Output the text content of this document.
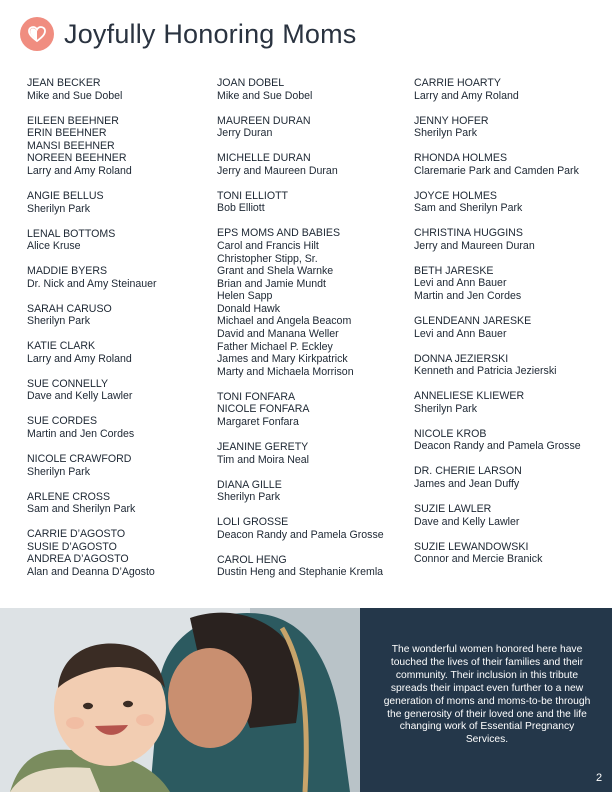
Joyfully Honoring Moms
JEAN BECKER
Mike and Sue Dobel
EILEEN BEEHNER
ERIN BEEHNER
MANSI BEEHNER
NOREEN BEEHNER
Larry and Amy Roland
ANGIE BELLUS
Sherilyn Park
LENAL BOTTOMS
Alice Kruse
MADDIE BYERS
Dr. Nick and Amy Steinauer
SARAH CARUSO
Sherilyn Park
KATIE CLARK
Larry and Amy Roland
SUE CONNELLY
Dave and Kelly Lawler
SUE CORDES
Martin and Jen Cordes
NICOLE CRAWFORD
Sherilyn Park
ARLENE CROSS
Sam and Sherilyn Park
CARRIE D’AGOSTO
SUSIE D’AGOSTO
ANDREA D’AGOSTO
Alan and Deanna D’Agosto
JOAN DOBEL
Mike and Sue Dobel
MAUREEN DURAN
Jerry Duran
MICHELLE DURAN
Jerry and Maureen Duran
TONI ELLIOTT
Bob Elliott
EPS MOMS AND BABIES
Carol and Francis Hilt
Christopher Stipp, Sr.
Grant and Shela Warnke
Brian and Jamie Mundt
Helen Sapp
Donald Hawk
Michael and Angela Beacom
David and Manana Weller
Father Michael P. Eckley
James and Mary Kirkpatrick
Marty and Michaela Morrison
TONI FONFARA
NICOLE FONFARA
Margaret Fonfara
JEANINE GERETY
Tim and Moira Neal
DIANA GILLE
Sherilyn Park
LOLI GROSSE
Deacon Randy and Pamela Grosse
CAROL HENG
Dustin Heng and Stephanie Kremla
CARRIE HOARTY
Larry and Amy Roland
JENNY HOFER
Sherilyn Park
RHONDA HOLMES
Claremarie Park and Camden Park
JOYCE HOLMES
Sam and Sherilyn Park
CHRISTINA HUGGINS
Jerry and Maureen Duran
BETH JARESKE
Levi and Ann Bauer
Martin and Jen Cordes
GLENDEANN JARESKE
Levi and Ann Bauer
DONNA JEZIERSKI
Kenneth and Patricia Jezierski
ANNELIESE KLIEWER
Sherilyn Park
NICOLE KROB
Deacon Randy and Pamela Grosse
DR. CHERIE LARSON
James and Jean Duffy
SUZIE LAWLER
Dave and Kelly Lawler
SUZIE LEWANDOWSKI
Connor and Mercie Branick
The wonderful women honored here have touched the lives of their families and their community. Their inclusion in this tribute spreads their impact even further to a new generation of moms and moms-to-be through the generosity of their loved one and the life changing work of Essential Pregnancy Services.
2
